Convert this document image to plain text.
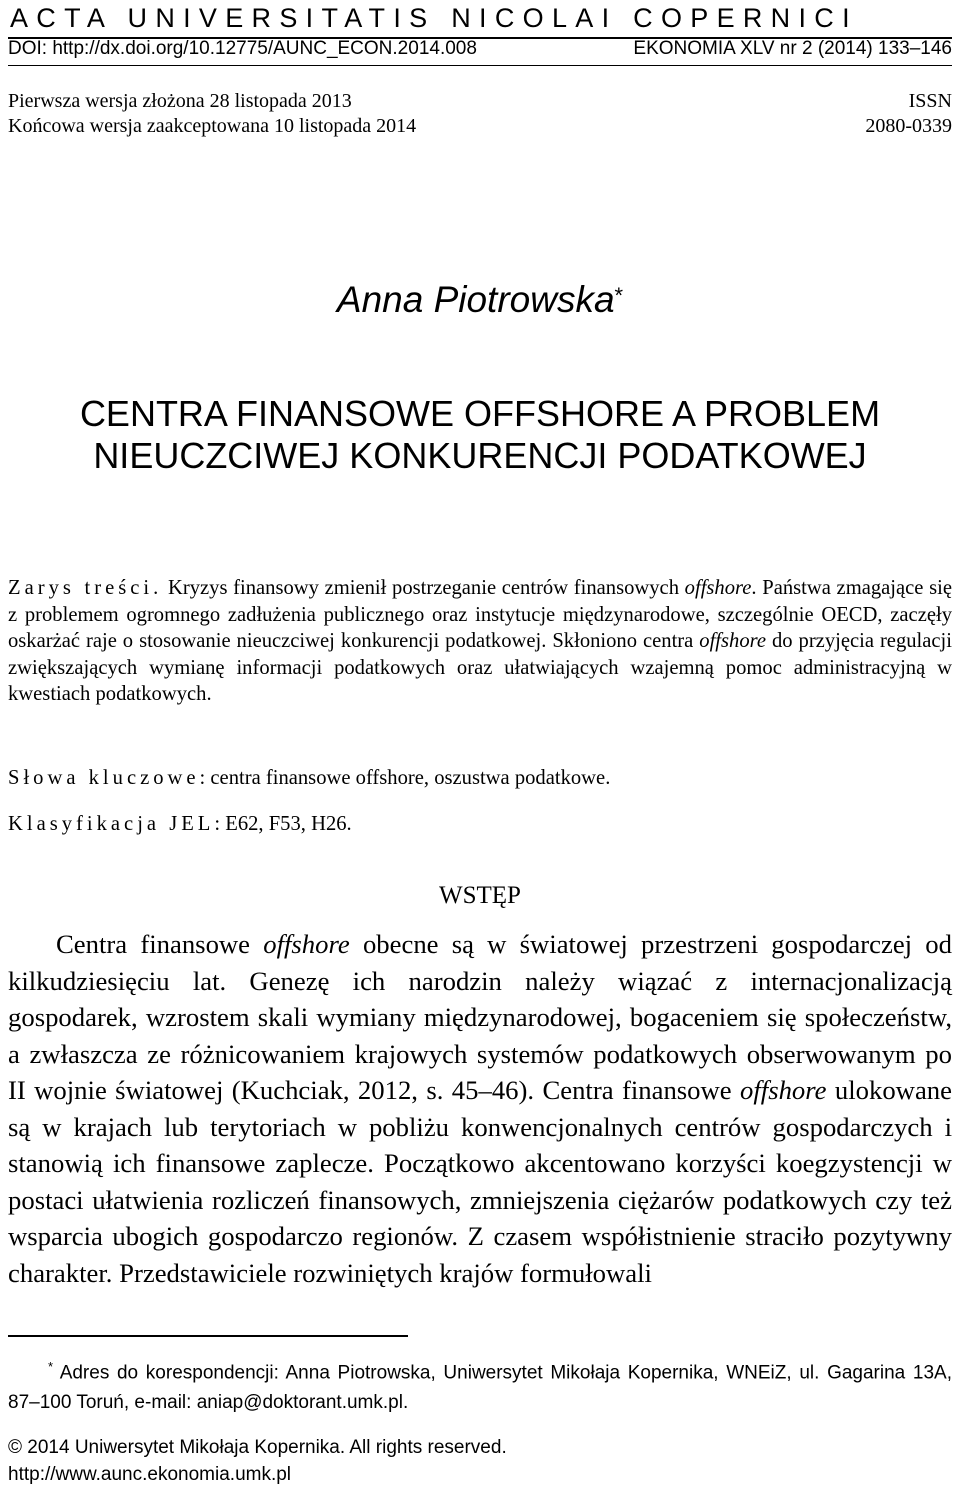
ACTA UNIVERSITATIS NICOLAI COPERNICI
DOI: http://dx.doi.org/10.12775/AUNC_ECON.2014.008	EKONOMIA XLV nr 2 (2014) 133–146
Pierwsza wersja złożona 28 listopada 2013	ISSN
Końcowa wersja zaakceptowana 10 listopada 2014	2080-0339
Anna Piotrowska*
CENTRA FINANSOWE OFFSHORE A PROBLEM
NIEUCZCIWEJ KONKURENCJI PODATKOWEJ
Zarys treści. Kryzys finansowy zmienił postrzeganie centrów finansowych offshore. Państwa zmagające się z problemem ogromnego zadłużenia publicznego oraz instytucje międzynarodowe, szczególnie OECD, zaczęły oskarżać raje o stosowanie nieuczciwej konkurencji podatkowej. Skłoniono centra offshore do przyjęcia regulacji zwiększających wymianę informacji podatkowych oraz ułatwiających wzajemną pomoc administracyjną w kwestiach podatkowych.
Słowa kluczowe: centra finansowe offshore, oszustwa podatkowe.
Klasyfikacja JEL: E62, F53, H26.
WSTĘP
Centra finansowe offshore obecne są w światowej przestrzeni gospodarczej od kilkudziesięciu lat. Genezę ich narodzin należy wiązać z internacjonalizacją gospodarek, wzrostem skali wymiany międzynarodowej, bogaceniem się społeczeństw, a zwłaszcza ze różnicowaniem krajowych systemów podatkowych obserwowanym po II wojnie światowej (Kuchciak, 2012, s. 45–46). Centra finansowe offshore ulokowane są w krajach lub terytoriach w pobliżu konwencjonalnych centrów gospodarczych i stanowią ich finansowe zaplecze. Początkowo akcentowano korzyści koegzystencji w postaci ułatwienia rozliczeń finansowych, zmniejszenia ciężarów podatkowych czy też wsparcia ubogich gospodarczo regionów. Z czasem współistnienie straciło pozytywny charakter. Przedstawiciele rozwiniętych krajów formułowali
* Adres do korespondencji: Anna Piotrowska, Uniwersytet Mikołaja Kopernika, WNEiZ, ul. Gagarina 13A, 87–100 Toruń, e-mail: aniap@doktorant.umk.pl.
© 2014 Uniwersytet Mikołaja Kopernika. All rights reserved.
http://www.aunc.ekonomia.umk.pl
